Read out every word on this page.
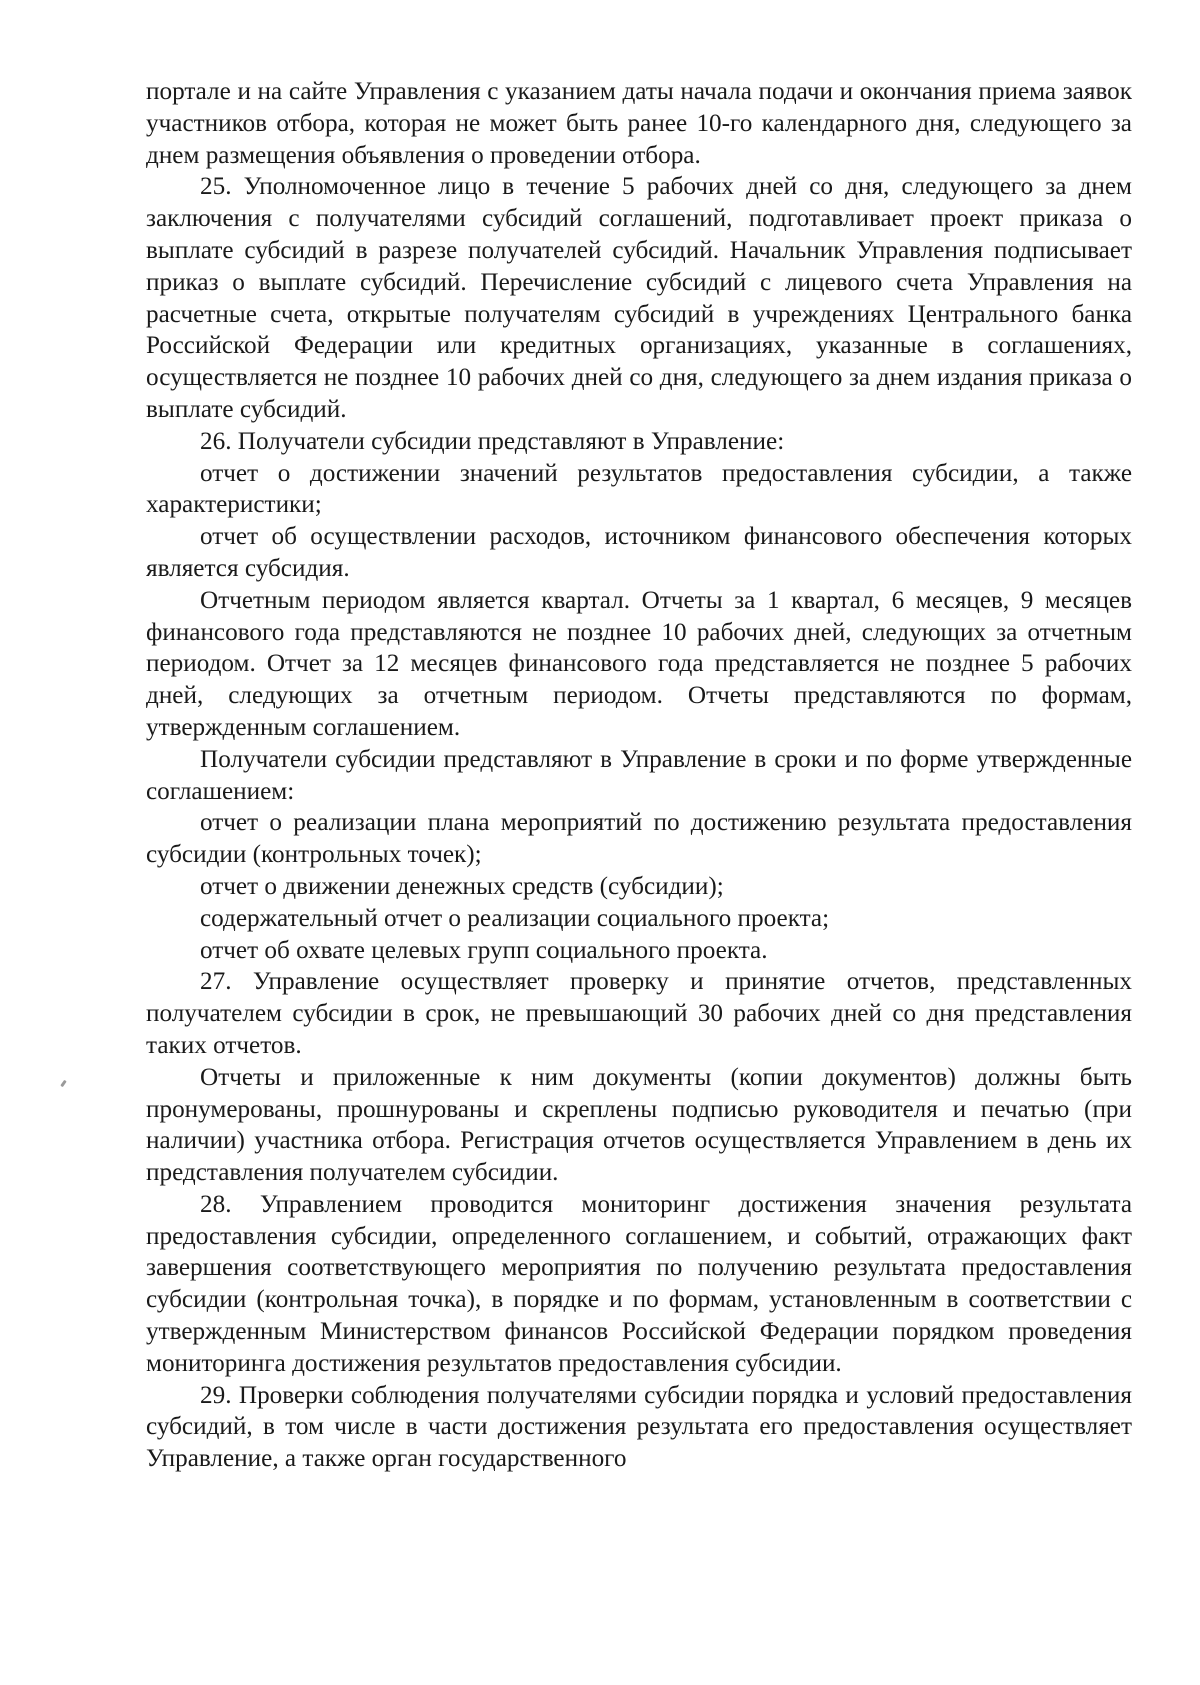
портале и на сайте Управления с указанием даты начала подачи и окончания приема заявок участников отбора, которая не может быть ранее 10-го календарного дня, следующего за днем размещения объявления о проведении отбора.

25. Уполномоченное лицо в течение 5 рабочих дней со дня, следующего за днем заключения с получателями субсидий соглашений, подготавливает проект приказа о выплате субсидий в разрезе получателей субсидий. Начальник Управления подписывает приказ о выплате субсидий. Перечисление субсидий с лицевого счета Управления на расчетные счета, открытые получателям субсидий в учреждениях Центрального банка Российской Федерации или кредитных организациях, указанные в соглашениях, осуществляется не позднее 10 рабочих дней со дня, следующего за днем издания приказа о выплате субсидий.

26. Получатели субсидии представляют в Управление:

отчет о достижении значений результатов предоставления субсидии, а также характеристики;

отчет об осуществлении расходов, источником финансового обеспечения которых является субсидия.

Отчетным периодом является квартал. Отчеты за 1 квартал, 6 месяцев, 9 месяцев финансового года представляются не позднее 10 рабочих дней, следующих за отчетным периодом. Отчет за 12 месяцев финансового года представляется не позднее 5 рабочих дней, следующих за отчетным периодом. Отчеты представляются по формам, утвержденным соглашением.

Получатели субсидии представляют в Управление в сроки и по форме утвержденные соглашением:

отчет о реализации плана мероприятий по достижению результата предоставления субсидии (контрольных точек);

отчет о движении денежных средств (субсидии);

содержательный отчет о реализации социального проекта;

отчет об охвате целевых групп социального проекта.

27. Управление осуществляет проверку и принятие отчетов, представленных получателем субсидии в срок, не превышающий 30 рабочих дней со дня представления таких отчетов.

Отчеты и приложенные к ним документы (копии документов) должны быть пронумерованы, прошнурованы и скреплены подписью руководителя и печатью (при наличии) участника отбора. Регистрация отчетов осуществляется Управлением в день их представления получателем субсидии.

28. Управлением проводится мониторинг достижения значения результата предоставления субсидии, определенного соглашением, и событий, отражающих факт завершения соответствующего мероприятия по получению результата предоставления субсидии (контрольная точка), в порядке и по формам, установленным в соответствии с утвержденным Министерством финансов Российской Федерации порядком проведения мониторинга достижения результатов предоставления субсидии.

29. Проверки соблюдения получателями субсидии порядка и условий предоставления субсидий, в том числе в части достижения результата его предоставления осуществляет Управление, а также орган государственного
